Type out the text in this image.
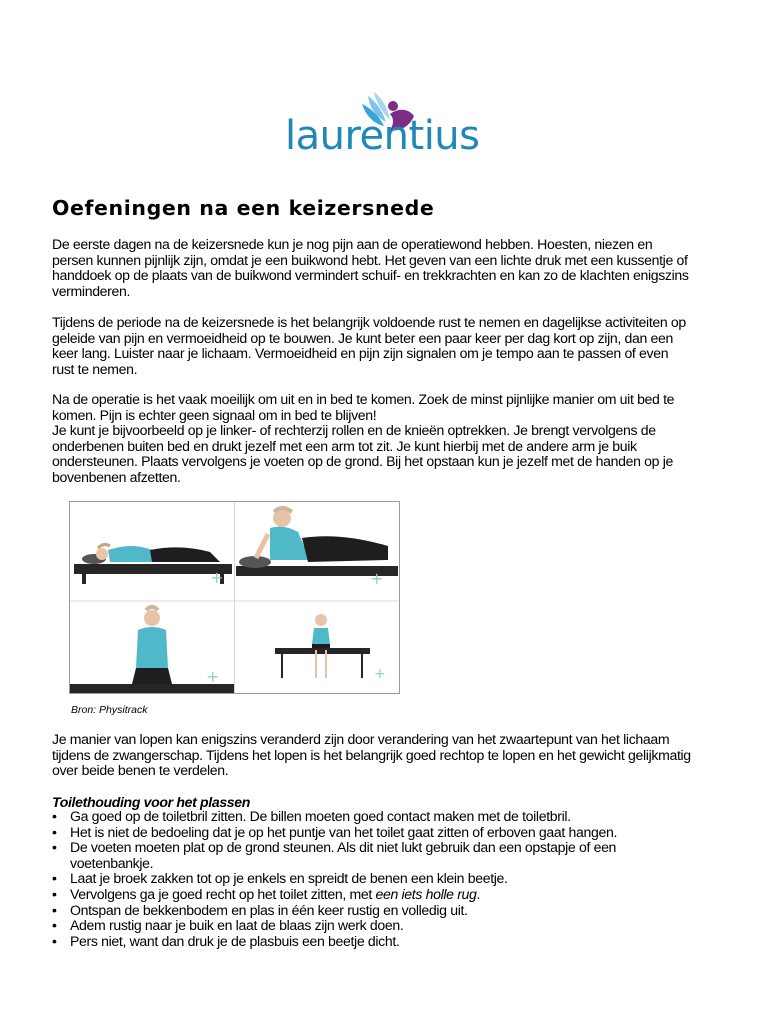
laurentius
Oefeningen na een keizersnede
De eerste dagen na de keizersnede kun je nog pijn aan de operatiewond hebben. Hoesten, niezen en
persen kunnen pijnlijk zijn, omdat je een buikwond hebt. Het geven van een lichte druk met een kussentje of
handdoek op de plaats van de buikwond vermindert schuif- en trekkrachten en kan zo de klachten enigszins
verminderen.
Tijdens de periode na de keizersnede is het belangrijk voldoende rust te nemen en dagelijkse activiteiten op
geleide van pijn en vermoeidheid op te bouwen. Je kunt beter een paar keer per dag kort op zijn, dan een
keer lang. Luister naar je lichaam. Vermoeidheid en pijn zijn signalen om je tempo aan te passen of even
rust te nemen.
Na de operatie is het vaak moeilijk om uit en in bed te komen. Zoek de minst pijnlijke manier om uit bed te
komen. Pijn is echter geen signaal om in bed te blijven!
Je kunt je bijvoorbeeld op je linker- of rechterzij rollen en de knieën optrekken. Je brengt vervolgens de
onderbenen buiten bed en drukt jezelf met een arm tot zit. Je kunt hierbij met de andere arm je buik
ondersteunen. Plaats vervolgens je voeten op de grond. Bij het opstaan kun je jezelf met de handen op je
bovenbenen afzetten.
+	+
+	+
Bron: Physitrack
Je manier van lopen kan enigszins veranderd zijn door verandering van het zwaartepunt van het lichaam
tijdens de zwangerschap. Tijdens het lopen is het belangrijk goed rechtop te lopen en het gewicht gelijkmatig
over beide benen te verdelen.
Toilethouding voor het plassen
• Ga goed op de toiletbril zitten. De billen moeten goed contact maken met de toiletbril.
• Het is niet de bedoeling dat je op het puntje van het toilet gaat zitten of erboven gaat hangen.
• De voeten moeten plat op de grond steunen. Als dit niet lukt gebruik dan een opstapje of een
voetenbankje.
• Laat je broek zakken tot op je enkels en spreidt de benen een klein beetje.
• Vervolgens ga je goed recht op het toilet zitten, met een iets holle rug.
• Ontspan de bekkenbodem en plas in één keer rustig en volledig uit.
• Adem rustig naar je buik en laat de blaas zijn werk doen.
• Pers niet, want dan druk je de plasbuis een beetje dicht.
